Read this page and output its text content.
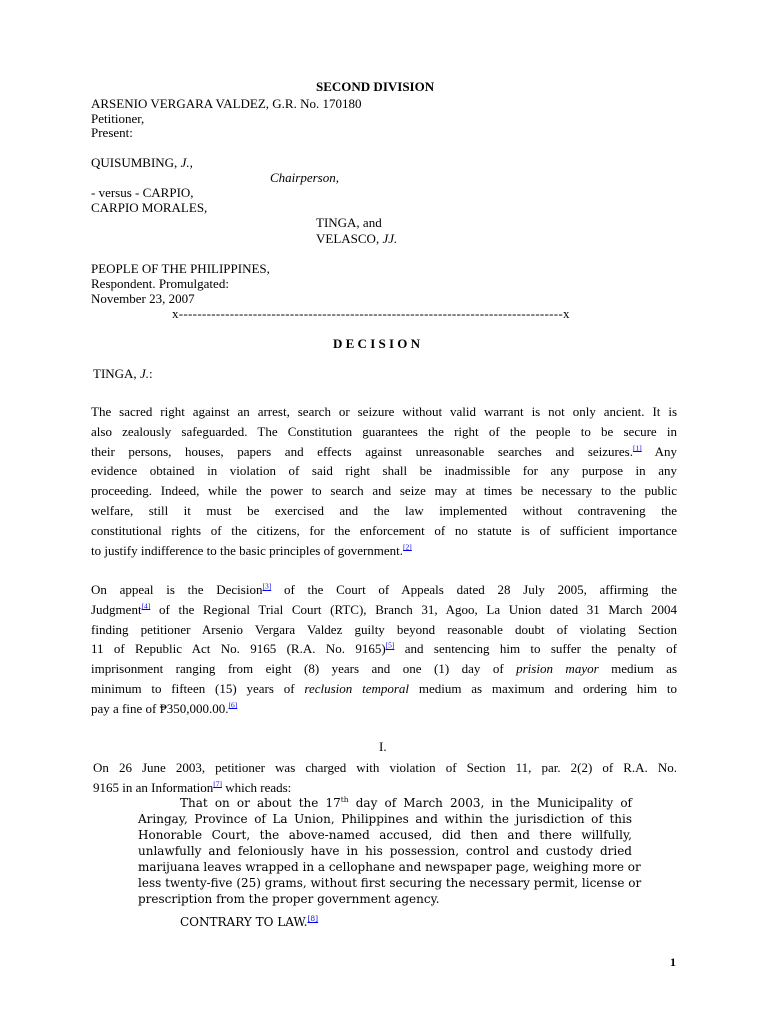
SECOND DIVISION
ARSENIO VERGARA VALDEZ, G.R. No. 170180
Petitioner,
Present:
QUISUMBING, J.,
Chairperson,
- versus - CARPIO,
CARPIO MORALES,
TINGA, and
VELASCO, JJ.
PEOPLE OF THE PHILIPPINES,
Respondent. Promulgated:
November 23, 2007
x-----------------------------------------------------------------------------------x
D E C I S I O N
TINGA, J.:
The sacred right against an arrest, search or seizure without valid warrant is not only ancient. It is
also zealously safeguarded. The Constitution guarantees the right of the people to be secure in
their persons, houses, papers and effects against unreasonable searches and seizures.[1] Any
evidence obtained in violation of said right shall be inadmissible for any purpose in any
proceeding. Indeed, while the power to search and seize may at times be necessary to the public
welfare, still it must be exercised and the law implemented without contravening the
constitutional rights of the citizens, for the enforcement of no statute is of sufficient importance
to justify indifference to the basic principles of government.[2]
On appeal is the Decision[3] of the Court of Appeals dated 28 July 2005, affirming the
Judgment[4] of the Regional Trial Court (RTC), Branch 31, Agoo, La Union dated 31 March 2004
finding petitioner Arsenio Vergara Valdez guilty beyond reasonable doubt of violating Section
11 of Republic Act No. 9165 (R.A. No. 9165)[5] and sentencing him to suffer the penalty of
imprisonment ranging from eight (8) years and one (1) day of prision mayor medium as
minimum to fifteen (15) years of reclusion temporal medium as maximum and ordering him to
pay a fine of ₱350,000.00.[6]
I.
On 26 June 2003, petitioner was charged with violation of Section 11, par. 2(2) of R.A. No.
9165 in an Information[7] which reads:
That on or about the 17th day of March 2003, in the Municipality of
Aringay, Province of La Union, Philippines and within the jurisdiction of this
Honorable Court, the above-named accused, did then and there willfully,
unlawfully and feloniously have in his possession, control and custody dried
marijuana leaves wrapped in a cellophane and newspaper page, weighing more or
less twenty-five (25) grams, without first securing the necessary permit, license or
prescription from the proper government agency.
CONTRARY TO LAW.[8]
1
